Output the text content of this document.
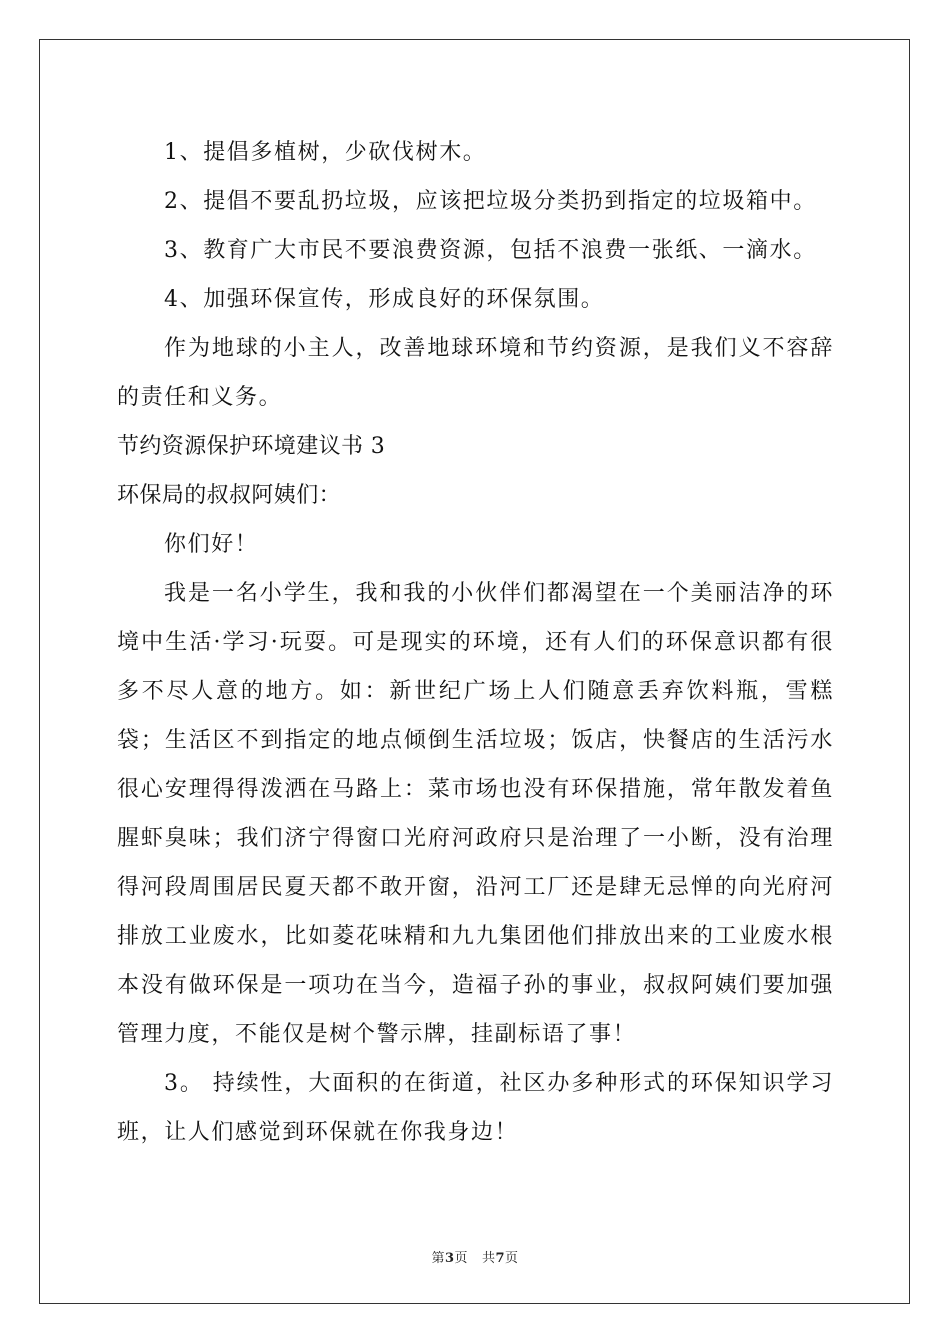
1、提倡多植树，少砍伐树木。

2、提倡不要乱扔垃圾，应该把垃圾分类扔到指定的垃圾箱中。

3、教育广大市民不要浪费资源，包括不浪费一张纸、一滴水。

4、加强环保宣传，形成良好的环保氛围。

作为地球的小主人，改善地球环境和节约资源，是我们义不容辞的责任和义务。

节约资源保护环境建议书 3

环保局的叔叔阿姨们：

你们好！

我是一名小学生，我和我的小伙伴们都渴望在一个美丽洁净的环境中生活·学习·玩耍。可是现实的环境，还有人们的环保意识都有很多不尽人意的地方。如：新世纪广场上人们随意丢弃饮料瓶，雪糕袋；生活区不到指定的地点倾倒生活垃圾；饭店，快餐店的生活污水很心安理得得泼洒在马路上：菜市场也没有环保措施，常年散发着鱼腥虾臭味；我们济宁得窗口光府河政府只是治理了一小断，没有治理得河段周围居民夏天都不敢开窗，沿河工厂还是肆无忌惮的向光府河排放工业废水，比如菱花味精和九九集团他们排放出来的工业废水根本没有做环保是一项功在当今，造福子孙的事业，叔叔阿姨们要加强管理力度，不能仅是树个警示牌，挂副标语了事！

3。 持续性，大面积的在街道，社区办多种形式的环保知识学习班，让人们感觉到环保就在你我身边！

第3页 共7页
